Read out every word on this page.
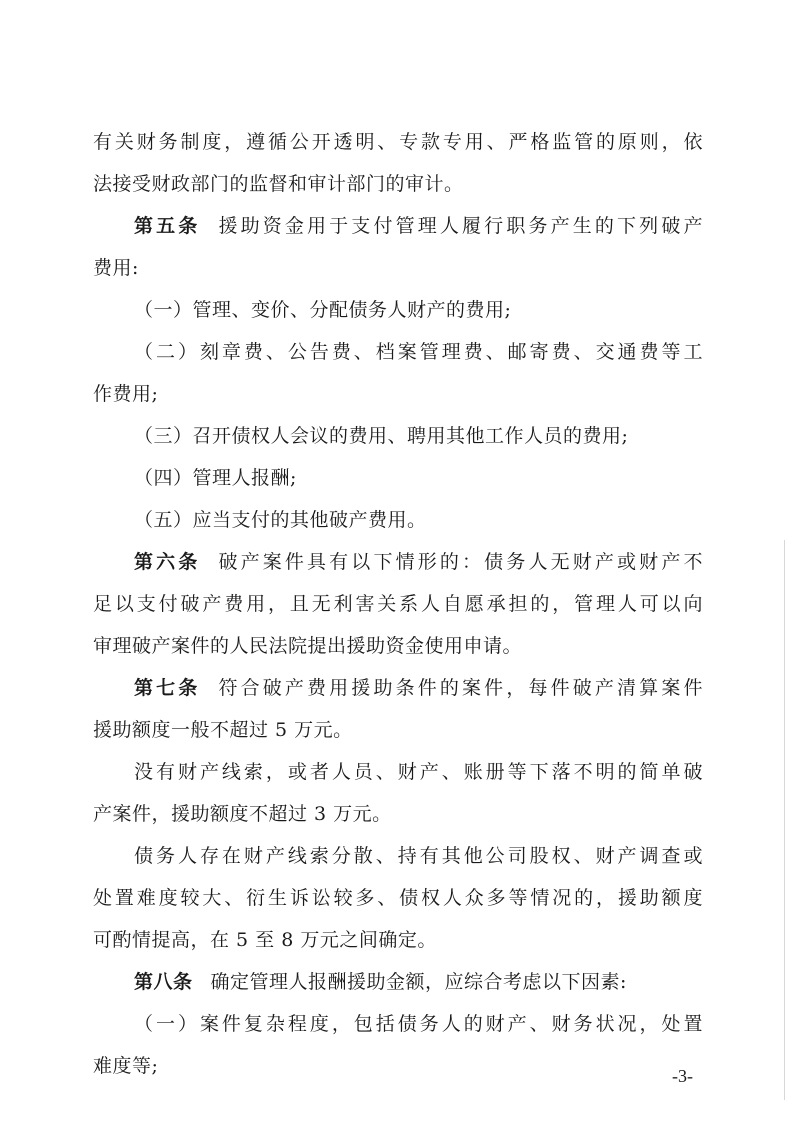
有关财务制度，遵循公开透明、专款专用、严格监管的原则，依
法接受财政部门的监督和审计部门的审计。
第五条 援助资金用于支付管理人履行职务产生的下列破产
费用:
（一）管理、变价、分配债务人财产的费用;
（二）刻章费、公告费、档案管理费、邮寄费、交通费等工
作费用;
（三）召开债权人会议的费用、聘用其他工作人员的费用;
（四）管理人报酬;
（五）应当支付的其他破产费用。
第六条 破产案件具有以下情形的：债务人无财产或财产不
足以支付破产费用，且无利害关系人自愿承担的，管理人可以向
审理破产案件的人民法院提出援助资金使用申请。
第七条 符合破产费用援助条件的案件，每件破产清算案件
援助额度一般不超过 5 万元。
没有财产线索，或者人员、财产、账册等下落不明的简单破
产案件，援助额度不超过 3 万元。
债务人存在财产线索分散、持有其他公司股权、财产调查或
处置难度较大、衍生诉讼较多、债权人众多等情况的，援助额度
可酌情提高，在 5 至 8 万元之间确定。
第八条 确定管理人报酬援助金额，应综合考虑以下因素:
（一）案件复杂程度，包括债务人的财产、财务状况，处置
难度等;	-3-
